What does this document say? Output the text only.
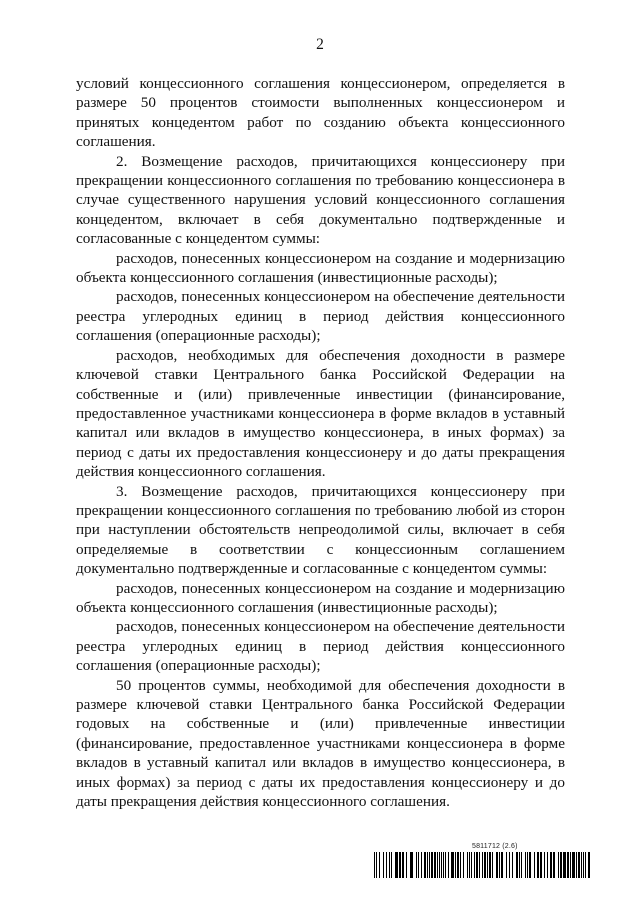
2

условий концессионного соглашения концессионером, определяется в размере 50 процентов стоимости выполненных концессионером и принятых концедентом работ по созданию объекта концессионного соглашения.

2. Возмещение расходов, причитающихся концессионеру при прекращении концессионного соглашения по требованию концессионера в случае существенного нарушения условий концессионного соглашения концедентом, включает в себя документально подтвержденные и согласованные с концедентом суммы:

расходов, понесенных концессионером на создание и модернизацию объекта концессионного соглашения (инвестиционные расходы);

расходов, понесенных концессионером на обеспечение деятельности реестра углеродных единиц в период действия концессионного соглашения (операционные расходы);

расходов, необходимых для обеспечения доходности в размере ключевой ставки Центрального банка Российской Федерации на собственные и (или) привлеченные инвестиции (финансирование, предоставленное участниками концессионера в форме вкладов в уставный капитал или вкладов в имущество концессионера, в иных формах) за период с даты их предоставления концессионеру и до даты прекращения действия концессионного соглашения.

3. Возмещение расходов, причитающихся концессионеру при прекращении концессионного соглашения по требованию любой из сторон при наступлении обстоятельств непреодолимой силы, включает в себя определяемые в соответствии с концессионным соглашением документально подтвержденные и согласованные с концедентом суммы:

расходов, понесенных концессионером на создание и модернизацию объекта концессионного соглашения (инвестиционные расходы);

расходов, понесенных концессионером на обеспечение деятельности реестра углеродных единиц в период действия концессионного соглашения (операционные расходы);

50 процентов суммы, необходимой для обеспечения доходности в размере ключевой ставки Центрального банка Российской Федерации годовых на собственные и (или) привлеченные инвестиции (финансирование, предоставленное участниками концессионера в форме вкладов в уставный капитал или вкладов в имущество концессионера, в иных формах) за период с даты их предоставления концессионеру и до даты прекращения действия концессионного соглашения.

5811712 (2.6)
